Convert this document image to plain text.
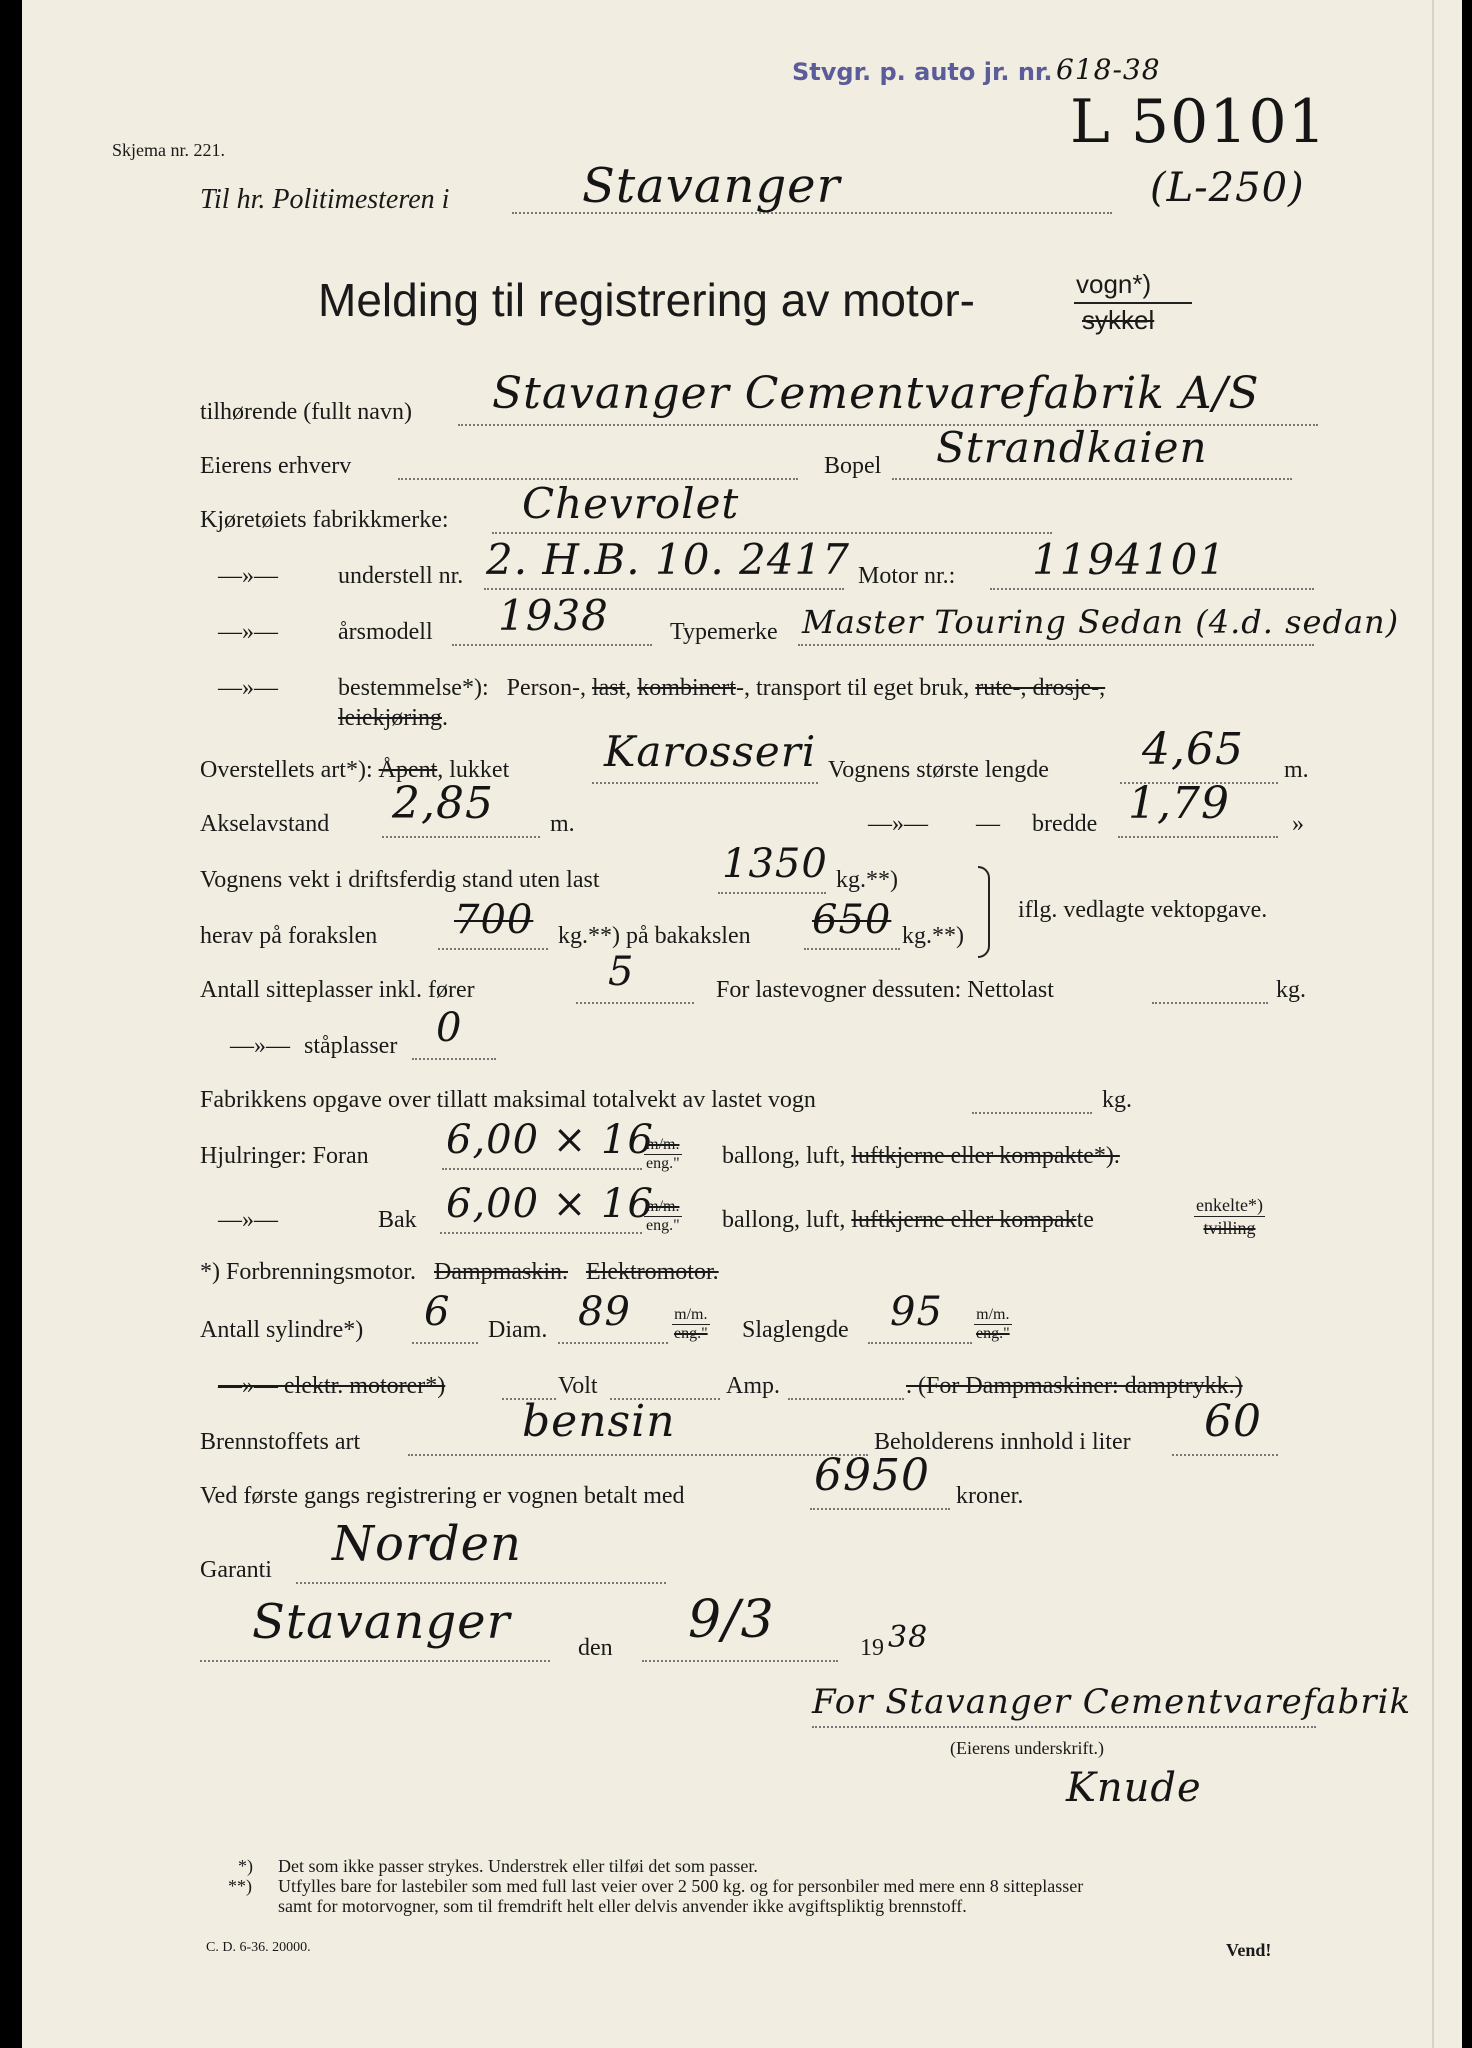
Stvgr. p. auto jr. nr. 618-38
L 50101
(L-250)
Skjema nr. 221.
Til hr. Politimesteren i	Stavanger
Melding til registrering av motor-	vogn*)
sykkel
tilhørende (fullt navn) Stavanger Cementvarefabrik A/S
Eierens erhverv	Bopel Strandkaien
Kjøretøiets fabrikkmerke: Chevrolet
—»—	understell nr. 2. H.B. 10. 2417 Motor nr.: 1194101
—»—	årsmodell 1938	Typemerke Master Touring Sedan (4.d. sedan)
—»—	bestemmelse*): Person-, last, kombinert-, transport til eget bruk, rute-, drosje-,
leiekjøring.
Overstellets art*): Åpent, lukket Karosseri Vognens største lengde 4,65 m.
Akselavstand 2,85 m.	—»— — bredde 1,79	»
Vognens vekt i driftsferdig stand uten last	1350 kg.**)
herav på forakslen 700 kg.**) på bakakslen 650 kg.**)
iflg. vedlagte vektopgave.
Antall sitteplasser inkl. fører	5	For lastevogner dessuten: Nettolast	kg.
—»— ståplasser 0
Fabrikkens opgave over tillatt maksimal totalvekt av lastet vogn	kg.
Hjulringer: Foran 6,00 × 16
m/m.
eng." ballong, luft, luftkjerne eller kompakte*).
—»—	Bak 6,00 × 16
m/m.
eng." ballong, luft, luftkjerne eller kompakte
enkelte*)
tvilling
*) Forbrenningsmotor. Dampmaskin. Elektromotor.
Antall sylindre*) 6 Diam. 89	m/m.
eng." Slaglengde 95 m/m.
eng."
—»— elektr. motorer*)	Volt	Amp.	. (For Dampmaskiner: damptrykk.)
Brennstoffets art	bensin	Beholderens innhold i liter 60
Ved første gangs registrering er vognen betalt med	6950 kroner.
Garanti Norden
Stavanger	den 9/3	19 38
For Stavanger Cementvarefabrik
(Eierens underskrift.)
Knude
*) Det som ikke passer strykes. Understrek eller tilføi det som passer.
**) Utfylles bare for lastebiler som med full last veier over 2 500 kg. og for personbiler med mere enn 8 sitteplasser
samt for motorvogner, som til fremdrift helt eller delvis anvender ikke avgiftspliktig brennstoff.
C. D. 6-36. 20000.	Vend!
